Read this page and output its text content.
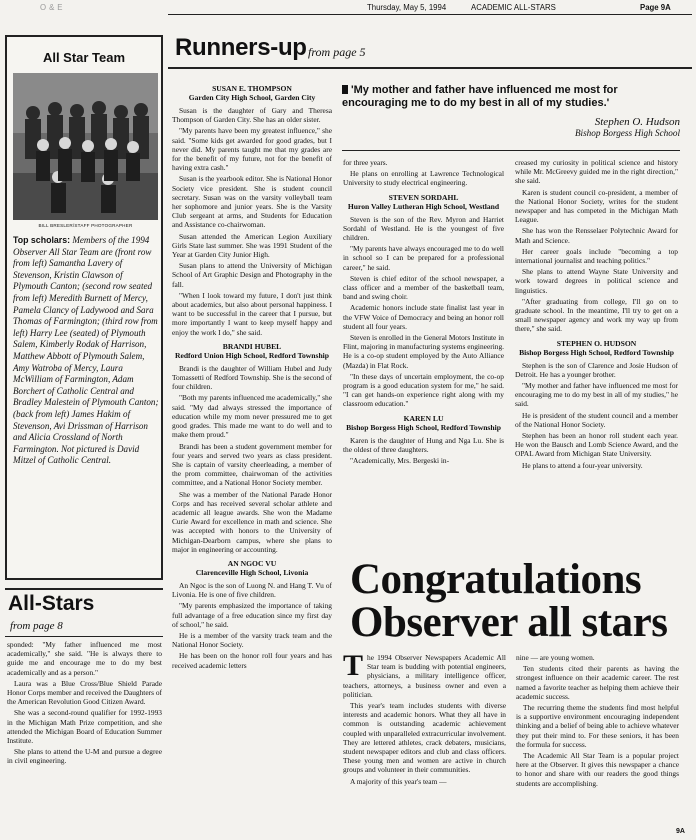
O&E	Thursday, May 5, 1994	ACADEMIC ALL-STARS	Page 9A
All Star Team
BILL BRESLER/STAFF PHOTOGRAPHER
Top scholars: Members of the 1994 Observer All Star Team are (front row from left) Samantha Lavery of Stevenson, Kristin Clawson of Plymouth Canton; (second row seated from left) Meredith Burnett of Mercy, Pamela Clancy of Ladywood and Sara Thomas of Farmington; (third row from left) Harry Lee (seated) of Plymouth Salem, Kimberly Rodak of Harrison, Matthew Abbott of Plymouth Salem, Amy Watroba of Mercy, Laura McWilliam of Farmington, Adam Borchert of Catholic Central and Bradley Malestein of Plymouth Canton; (back from left) James Hakim of Stevenson, Avi Drissman of Harrison and Alicia Crossland of North Farmington. Not pictured is David Mitzel of Catholic Central.
All-Stars
from page 8

sponded: "My father influenced me most academically," she said. "He is always there to guide me and encourage me to do my best academically and as a person."

Laura was a Blue Cross/Blue Shield Parade Honor Corps member and received the Daughters of the American Revolution Good Citizen Award.

She was a second-round qualifier for 1992-1993 in the Michigan Math Prize competition, and she attended the Michigan Board of Education Summer Institute.

She plans to attend the U-M and pursue a degree in civil engineering.

Runners-up from page 5
'My mother and father have influenced me most for encouraging me to do my best in all of my studies.'
Stephen O. Hudson
Bishop Borgess High School
SUSAN E. THOMPSON
Garden City High School, Garden City

Susan is the daughter of Gary and Theresa Thompson of Garden City. She has an older sister.

"My parents have been my greatest influence," she said. "Some kids get awarded for good grades, but I never did. My parents taught me that my grades are for the benefit of my future, not for the benefit of having extra cash."

Susan is the yearbook editor. She is National Honor Society vice president. She is student council secretary. Susan was on the varsity volleyball team her sophomore and junior years. She is the Varsity Club sergeant at arms, and Students for Education and Assistance co-chairwoman.

Susan attended the American Legion Auxiliary Girls State last summer. She was 1991 Student of the Year at Garden City Junior High.

Susan plans to attend the University of Michigan School of Art Graphic Design and Photography in the fall.

"When I look toward my future, I don't just think about academics, but also about personal happiness. I want to be successful in the career that I pursue, but more importantly I want to keep myself happy and enjoy the work I do," she said.

BRANDI HUBEL
Redford Union High School, Redford Township

Brandi is the daughter of William Hubel and Judy Tomassetti of Redford Township. She is the second of four children.

"Both my parents influenced me academically," she said. "My dad always stressed the importance of education while my mom never pressured me to get good grades. This made me want to do well and to make them proud."

Brandi has been a student government member for four years and served two years as class president. She is captain of varsity cheerleading, a member of the prom committee, chairwoman of the activities committee, and a National Honor Society member.

She was a member of the National Parade Honor Corps and has received several scholar athlete and academic all league awards. She won the Madame Curie Award for excellence in math and science. She was accepted with honors to the University of Michigan-Dearborn campus, where she plans to major in engineering or accounting.

AN NGOC VU
Clarenceville High School, Livonia

An Ngoc is the son of Luong N. and Hang T. Vu of Livonia. He is one of five children.

"My parents emphasized the importance of taking full advantage of a free education since my first day of school," he said.

He is a member of the varsity track team and the National Honor Society.

He has been on the honor roll four years and has received academic letters

for three years.

He plans on enrolling at Lawrence Technological University to study electrical engineering.

STEVEN SORDAHL
Huron Valley Lutheran High School, Westland

Steven is the son of the Rev. Myron and Harriet Sordahl of Westland. He is the youngest of five children.

"My parents have always encouraged me to do well in school so I can be prepared for a professional career," he said.

Steven is chief editor of the school newspaper, a class officer and a member of the basketball team, band and swing choir.

Academic honors include state finalist last year in the VFW Voice of Democracy and being an honor roll student all four years.

Steven is enrolled in the General Motors Institute in Flint, majoring in manufacturing systems engineering. He is a co-op student employed by the Auto Alliance (Mazda) in Flat Rock.

"In these days of uncertain employment, the co-op program is a good education system for me," he said. "I can get hands-on experience right along with my classroom education."

KAREN LU
Bishop Borgess High School, Redford Township

Karen is the daughter of Hung and Nga Lu. She is the oldest of three daughters.

"Academically, Mrs. Bergeski in-

creased my curiosity in political science and history while Mr. McGreevy guided me in the right direction," she said.

Karen is student council co-president, a member of the National Honor Society, writes for the student newspaper and has competed in the Michigan Math League.

She has won the Rensselaer Polytechnic Award for Math and Science.

Her career goals include "becoming a top international journalist and teaching politics."

She plans to attend Wayne State University and work toward degrees in political science and linguistics.

"After graduating from college, I'll go on to graduate school. In the meantime, I'll try to get on a small newspaper agency and work my way up from there," she said.

STEPHEN O. HUDSON
Bishop Borgess High School, Redford Township

Stephen is the son of Clarence and Josie Hudson of Detroit. He has a younger brother.

"My mother and father have influenced me most for encouraging me to do my best in all of my studies," he said.

He is president of the student council and a member of the National Honor Society.

Stephen has been an honor roll student each year. He won the Bausch and Lomb Science Award, and the OPAL Award from Michigan State University.

He plans to attend a four-year university.

Congratulations
Observer all stars
T he 1994 Observer Newspapers Academic All Star team is budding with potential engineers, physicians, a military intelligence officer, teachers, attorneys, a business owner and even a politician.

This year's team includes students with diverse interests and academic honors. What they all have in common is outstanding academic achievement coupled with unparalleled extracurricular involvement. They are lettered athletes, crack debaters, musicians, student newspaper editors and club and class officers. These young men and women are active in church groups and volunteer in their communities.

A majority of this year's team —

nine — are young women.

Ten students cited their parents as having the strongest influence on their academic career. The rest named a favorite teacher as helping them achieve their academic success.

The recurring theme the students find most helpful is a supportive environment encouraging independent thinking and a belief of being able to achieve whatever they put their mind to. For these seniors, it has been the formula for success.

The Academic All Star Team is a popular project here at the Observer. It gives this newspaper a chance to honor and share with our readers the good things students are accomplishing.

9A
